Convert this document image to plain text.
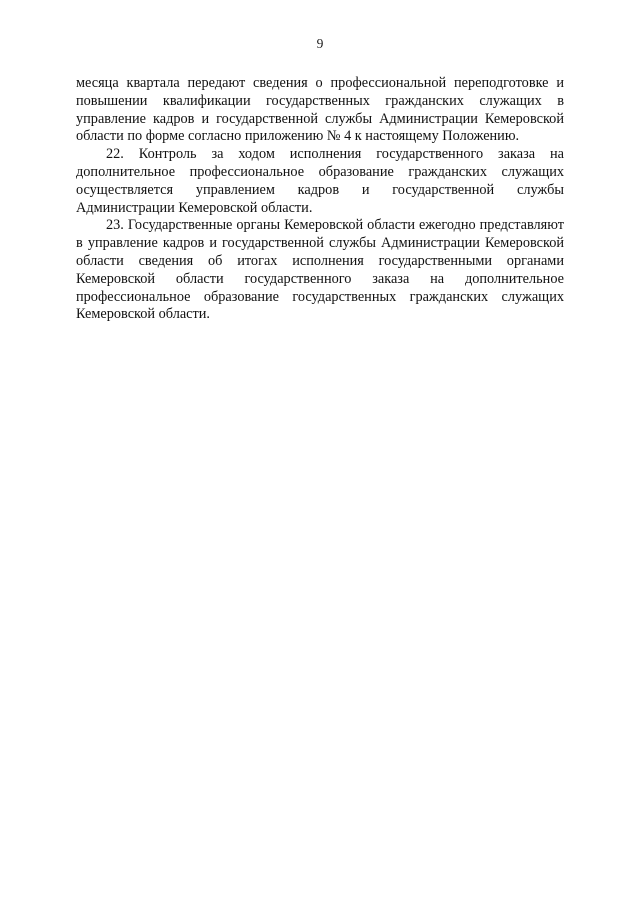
9

месяца квартала передают сведения о профессиональной переподготовке и повышении квалификации государственных гражданских служащих в управление кадров и государственной службы Администрации Кемеровской области по форме согласно приложению № 4 к настоящему Положению.

22. Контроль за ходом исполнения государственного заказа на дополнительное профессиональное образование гражданских служащих осуществляется управлением кадров и государственной службы Администрации Кемеровской области.

23. Государственные органы Кемеровской области ежегодно представляют в управление кадров и государственной службы Администрации Кемеровской области сведения об итогах исполнения государственными органами Кемеровской области государственного заказа на дополнительное профессиональное образование государственных гражданских служащих Кемеровской области.
